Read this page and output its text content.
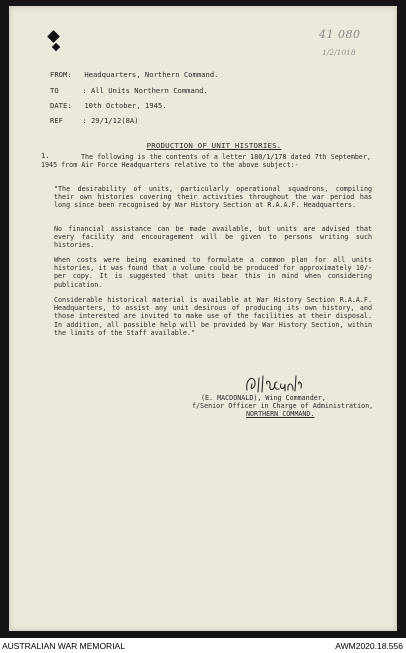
41 080
1/2/1018
FROM: Headquarters, Northern Command.
TO	: All Units Northern Command.
DATE: 10th October, 1945.
REF	: 29/1/12(8A)
PRODUCTION OF UNIT HISTORIES.
1.	The following is the contents of a letter 180/1/178 dated 7th September, 1945 from Air Force Headquarters relative to the above subject:-

"The desirability of units, particularly operational squadrons, compiling their own histories covering their activities throughout the war period has long since been recognised by War History Section at R.A.A.F. Headquarters.

No financial assistance can be made available, but units are advised that every facility and encouragement will be given to persons writing such histories.

When costs were being examined to formulate a common plan for all units histories, it was found that a volume could be produced for approximately 10/- per copy. It is suggested that units bear this in mind when considering publication.

Considerable historical material is available at War History Section R.A.A.F. Headquarters, to assist any unit desirous of producing its own history, and those interested are invited to make use of the facilities at their disposal. In addition, all possible help will be provided by War History Section, within the limits of the Staff available."

(E. MACDONALD), Wing Commander,
f/Senior Officer in Charge of Administration,
NORTHERN COMMAND.
AUSTRALIAN WAR MEMORIAL	AWM2020.18.556
